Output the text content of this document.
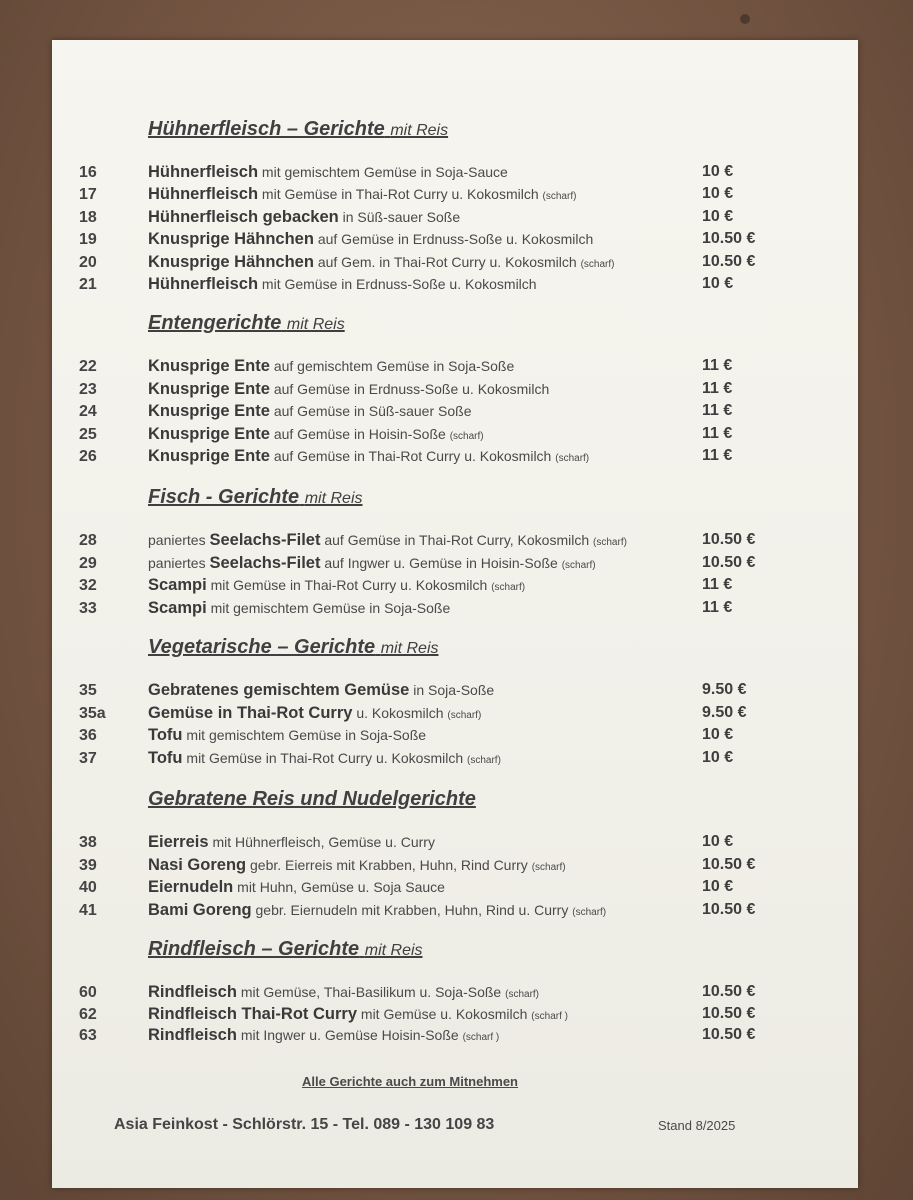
Alle Gerichte auch zum Mitnehmen
Asia Feinkost - Schlörstr. 15 - Tel. 089 - 130 109 83	Stand 8/2025
Hühnerfleisch – Gerichte mit Reis
16	Hühnerfleisch mit gemischtem Gemüse in Soja-Sauce	10 €
17	Hühnerfleisch mit Gemüse in Thai-Rot Curry u. Kokosmilch (scharf)	10 €
18	Hühnerfleisch gebacken in Süß-sauer Soße	10 €
19	Knusprige Hähnchen auf Gemüse in Erdnuss-Soße u. Kokosmilch	10.50 €
20	Knusprige Hähnchen auf Gem. in Thai-Rot Curry u. Kokosmilch (scharf)	10.50 €
21	Hühnerfleisch mit Gemüse in Erdnuss-Soße u. Kokosmilch	10 €
Entengerichte mit Reis
22	Knusprige Ente auf gemischtem Gemüse in Soja-Soße	11 €
23	Knusprige Ente auf Gemüse in Erdnuss-Soße u. Kokosmilch	11 €
24	Knusprige Ente auf Gemüse in Süß-sauer Soße	11 €
25	Knusprige Ente auf Gemüse in Hoisin-Soße (scharf)	11 €
26	Knusprige Ente auf Gemüse in Thai-Rot Curry u. Kokosmilch (scharf)	11 €
Fisch - Gerichte mit Reis
28	paniertes Seelachs-Filet auf Gemüse in Thai-Rot Curry, Kokosmilch (scharf)	10.50 €
29	paniertes Seelachs-Filet auf Ingwer u. Gemüse in Hoisin-Soße (scharf)	10.50 €
32	Scampi mit Gemüse in Thai-Rot Curry u. Kokosmilch (scharf)	11 €
33	Scampi mit gemischtem Gemüse in Soja-Soße	11 €
Vegetarische – Gerichte mit Reis
35	Gebratenes gemischtem Gemüse in Soja-Soße	9.50 €
35a	Gemüse in Thai-Rot Curry u. Kokosmilch (scharf)	9.50 €
36	Tofu mit gemischtem Gemüse in Soja-Soße	10 €
37	Tofu mit Gemüse in Thai-Rot Curry u. Kokosmilch (scharf)	10 €
Gebratene Reis und Nudelgerichte
38	Eierreis mit Hühnerfleisch, Gemüse u. Curry	10 €
39	Nasi Goreng gebr. Eierreis mit Krabben, Huhn, Rind Curry (scharf)	10.50 €
40	Eiernudeln mit Huhn, Gemüse u. Soja Sauce	10 €
41	Bami Goreng gebr. Eiernudeln mit Krabben, Huhn, Rind u. Curry (scharf)	10.50 €
Rindfleisch – Gerichte mit Reis
60	Rindfleisch mit Gemüse, Thai-Basilikum u. Soja-Soße (scharf)	10.50 €
62	Rindfleisch Thai-Rot Curry mit Gemüse u. Kokosmilch (scharf )	10.50 €
63	Rindfleisch mit Ingwer u. Gemüse Hoisin-Soße (scharf )	10.50 €
